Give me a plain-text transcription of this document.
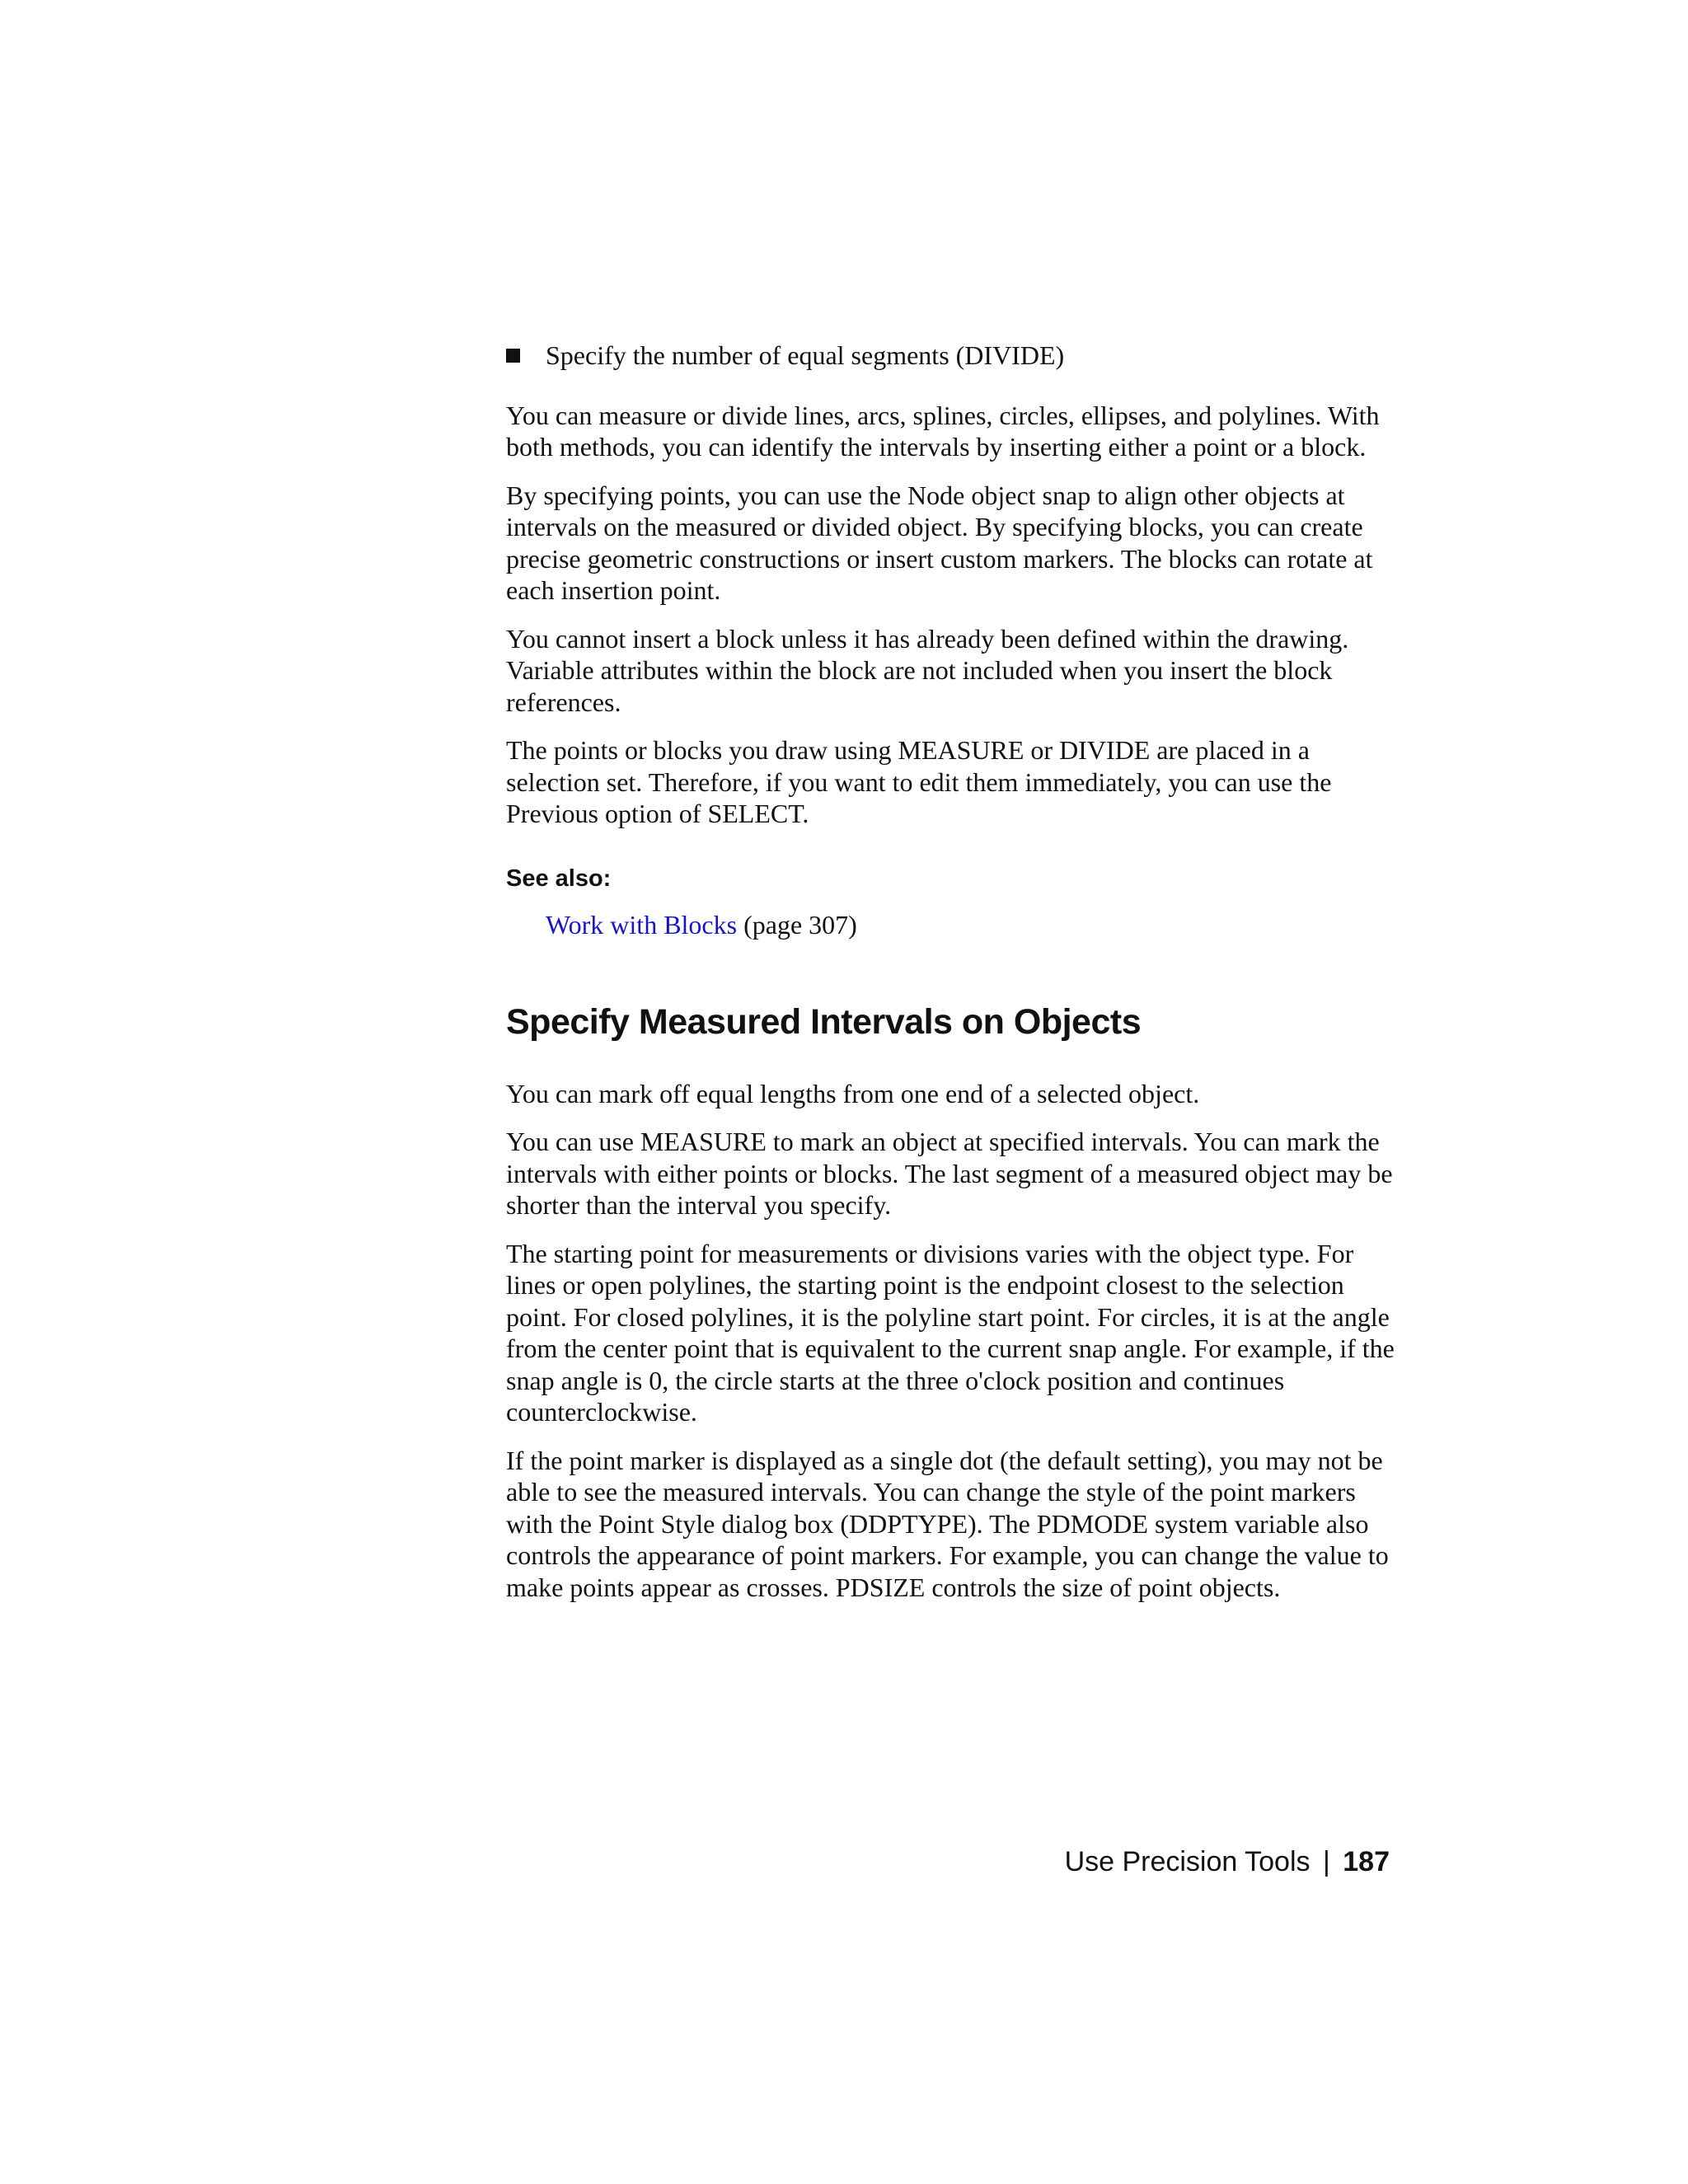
Specify the number of equal segments (DIVIDE)

You can measure or divide lines, arcs, splines, circles, ellipses, and polylines. With both methods, you can identify the intervals by inserting either a point or a block.

By specifying points, you can use the Node object snap to align other objects at intervals on the measured or divided object. By specifying blocks, you can create precise geometric constructions or insert custom markers. The blocks can rotate at each insertion point.

You cannot insert a block unless it has already been defined within the drawing. Variable attributes within the block are not included when you insert the block references.

The points or blocks you draw using MEASURE or DIVIDE are placed in a selection set. Therefore, if you want to edit them immediately, you can use the Previous option of SELECT.

See also:
Work with Blocks (page 307)
Specify Measured Intervals on Objects

You can mark off equal lengths from one end of a selected object.

You can use MEASURE to mark an object at specified intervals. You can mark the intervals with either points or blocks. The last segment of a measured object may be shorter than the interval you specify.

The starting point for measurements or divisions varies with the object type. For lines or open polylines, the starting point is the endpoint closest to the selection point. For closed polylines, it is the polyline start point. For circles, it is at the angle from the center point that is equivalent to the current snap angle. For example, if the snap angle is 0, the circle starts at the three o'clock position and continues counterclockwise.

If the point marker is displayed as a single dot (the default setting), you may not be able to see the measured intervals. You can change the style of the point markers with the Point Style dialog box (DDPTYPE). The PDMODE system variable also controls the appearance of point markers. For example, you can change the value to make points appear as crosses. PDSIZE controls the size of point objects.

Use Precision Tools | 187
